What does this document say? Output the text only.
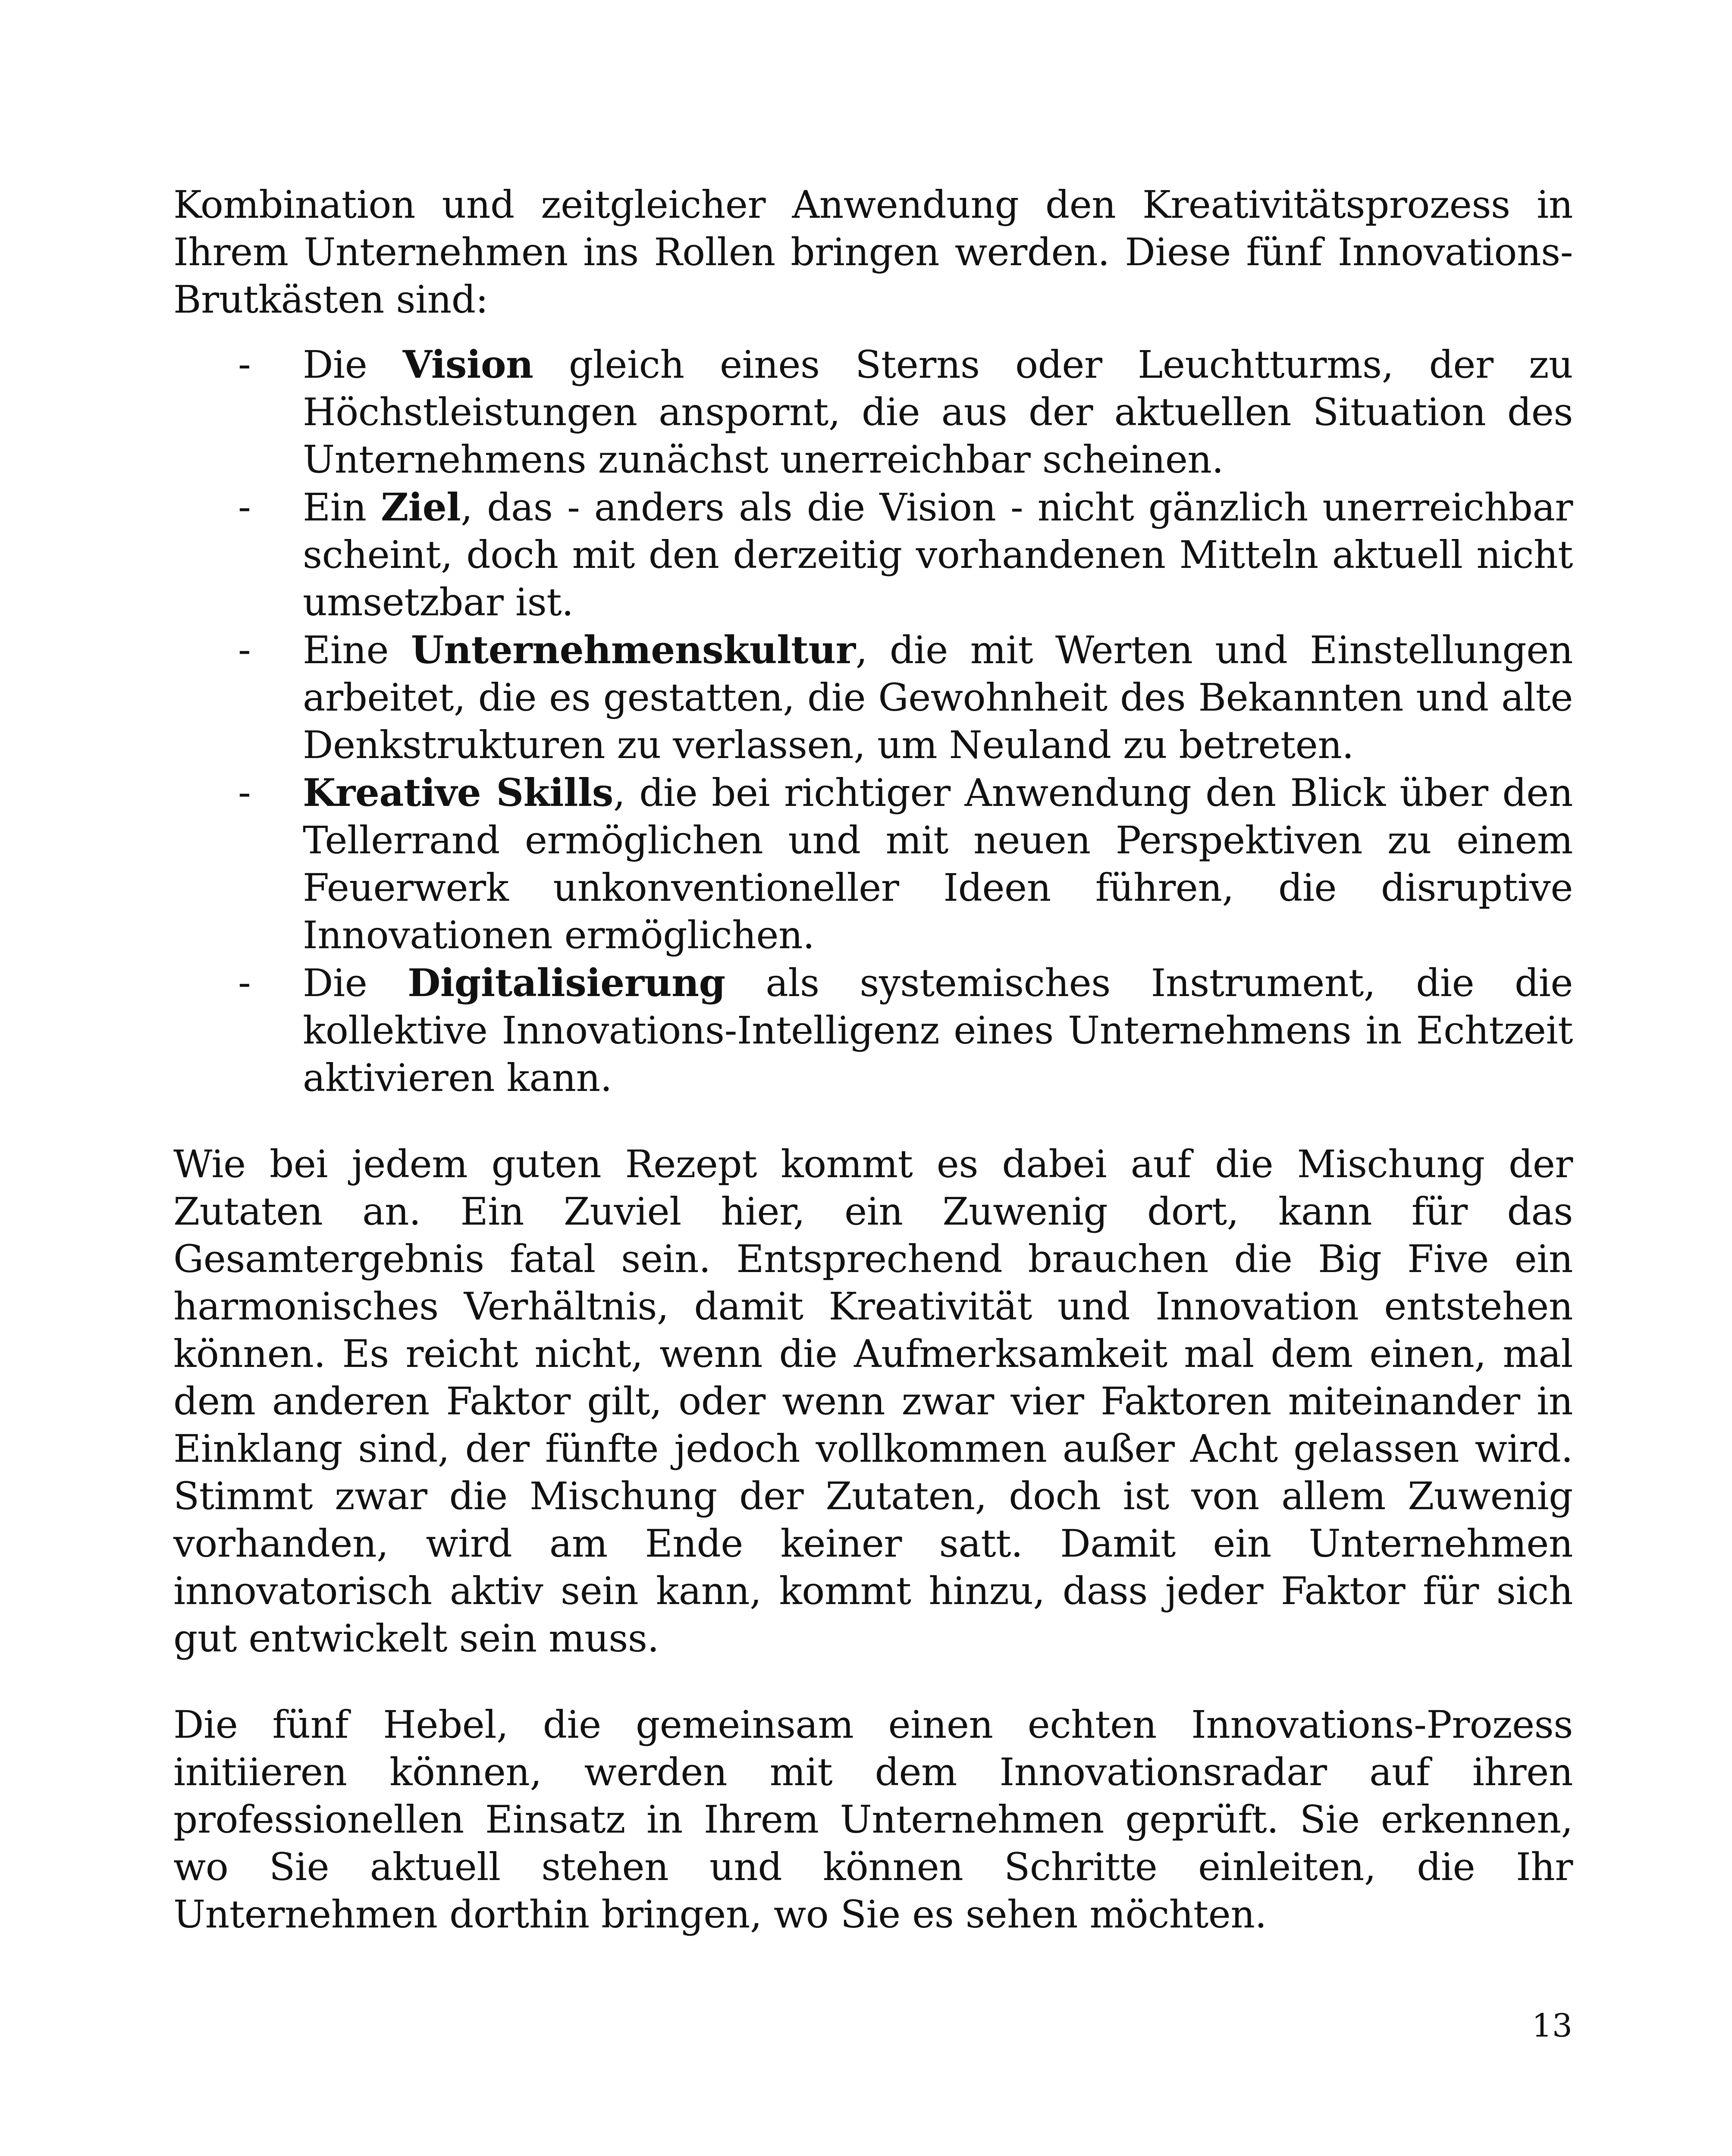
Kombination und zeitgleicher Anwendung den Kreativitätsprozess in Ihrem Unternehmen ins Rollen bringen werden. Diese fünf Innovations-Brutkästen sind:

- Die Vision gleich eines Sterns oder Leuchtturms, der zu Höchstleistungen anspornt, die aus der aktuellen Situation des Unternehmens zunächst unerreichbar scheinen.
- Ein Ziel, das - anders als die Vision - nicht gänzlich unerreichbar scheint, doch mit den derzeitig vorhandenen Mitteln aktuell nicht umsetzbar ist.
- Eine Unternehmenskultur, die mit Werten und Einstellungen arbeitet, die es gestatten, die Gewohnheit des Bekannten und alte Denkstrukturen zu verlassen, um Neuland zu betreten.
- Kreative Skills, die bei richtiger Anwendung den Blick über den Tellerrand ermöglichen und mit neuen Perspektiven zu einem Feuerwerk unkonventioneller Ideen führen, die disruptive Innovationen ermöglichen.
- Die Digitalisierung als systemisches Instrument, die die kollektive Innovations-Intelligenz eines Unternehmens in Echtzeit aktivieren kann.

Wie bei jedem guten Rezept kommt es dabei auf die Mischung der Zutaten an. Ein Zuviel hier, ein Zuwenig dort, kann für das Gesamtergebnis fatal sein. Entsprechend brauchen die Big Five ein harmonisches Verhältnis, damit Kreativität und Innovation entstehen können. Es reicht nicht, wenn die Aufmerksamkeit mal dem einen, mal dem anderen Faktor gilt, oder wenn zwar vier Faktoren miteinander in Einklang sind, der fünfte jedoch vollkommen außer Acht gelassen wird. Stimmt zwar die Mischung der Zutaten, doch ist von allem Zuwenig vorhanden, wird am Ende keiner satt. Damit ein Unternehmen innovatorisch aktiv sein kann, kommt hinzu, dass jeder Faktor für sich gut entwickelt sein muss.

Die fünf Hebel, die gemeinsam einen echten Innovations-Prozess initiieren können, werden mit dem Innovationsradar auf ihren professionellen Einsatz in Ihrem Unternehmen geprüft. Sie erkennen, wo Sie aktuell stehen und können Schritte einleiten, die Ihr Unternehmen dorthin bringen, wo Sie es sehen möchten.

13
